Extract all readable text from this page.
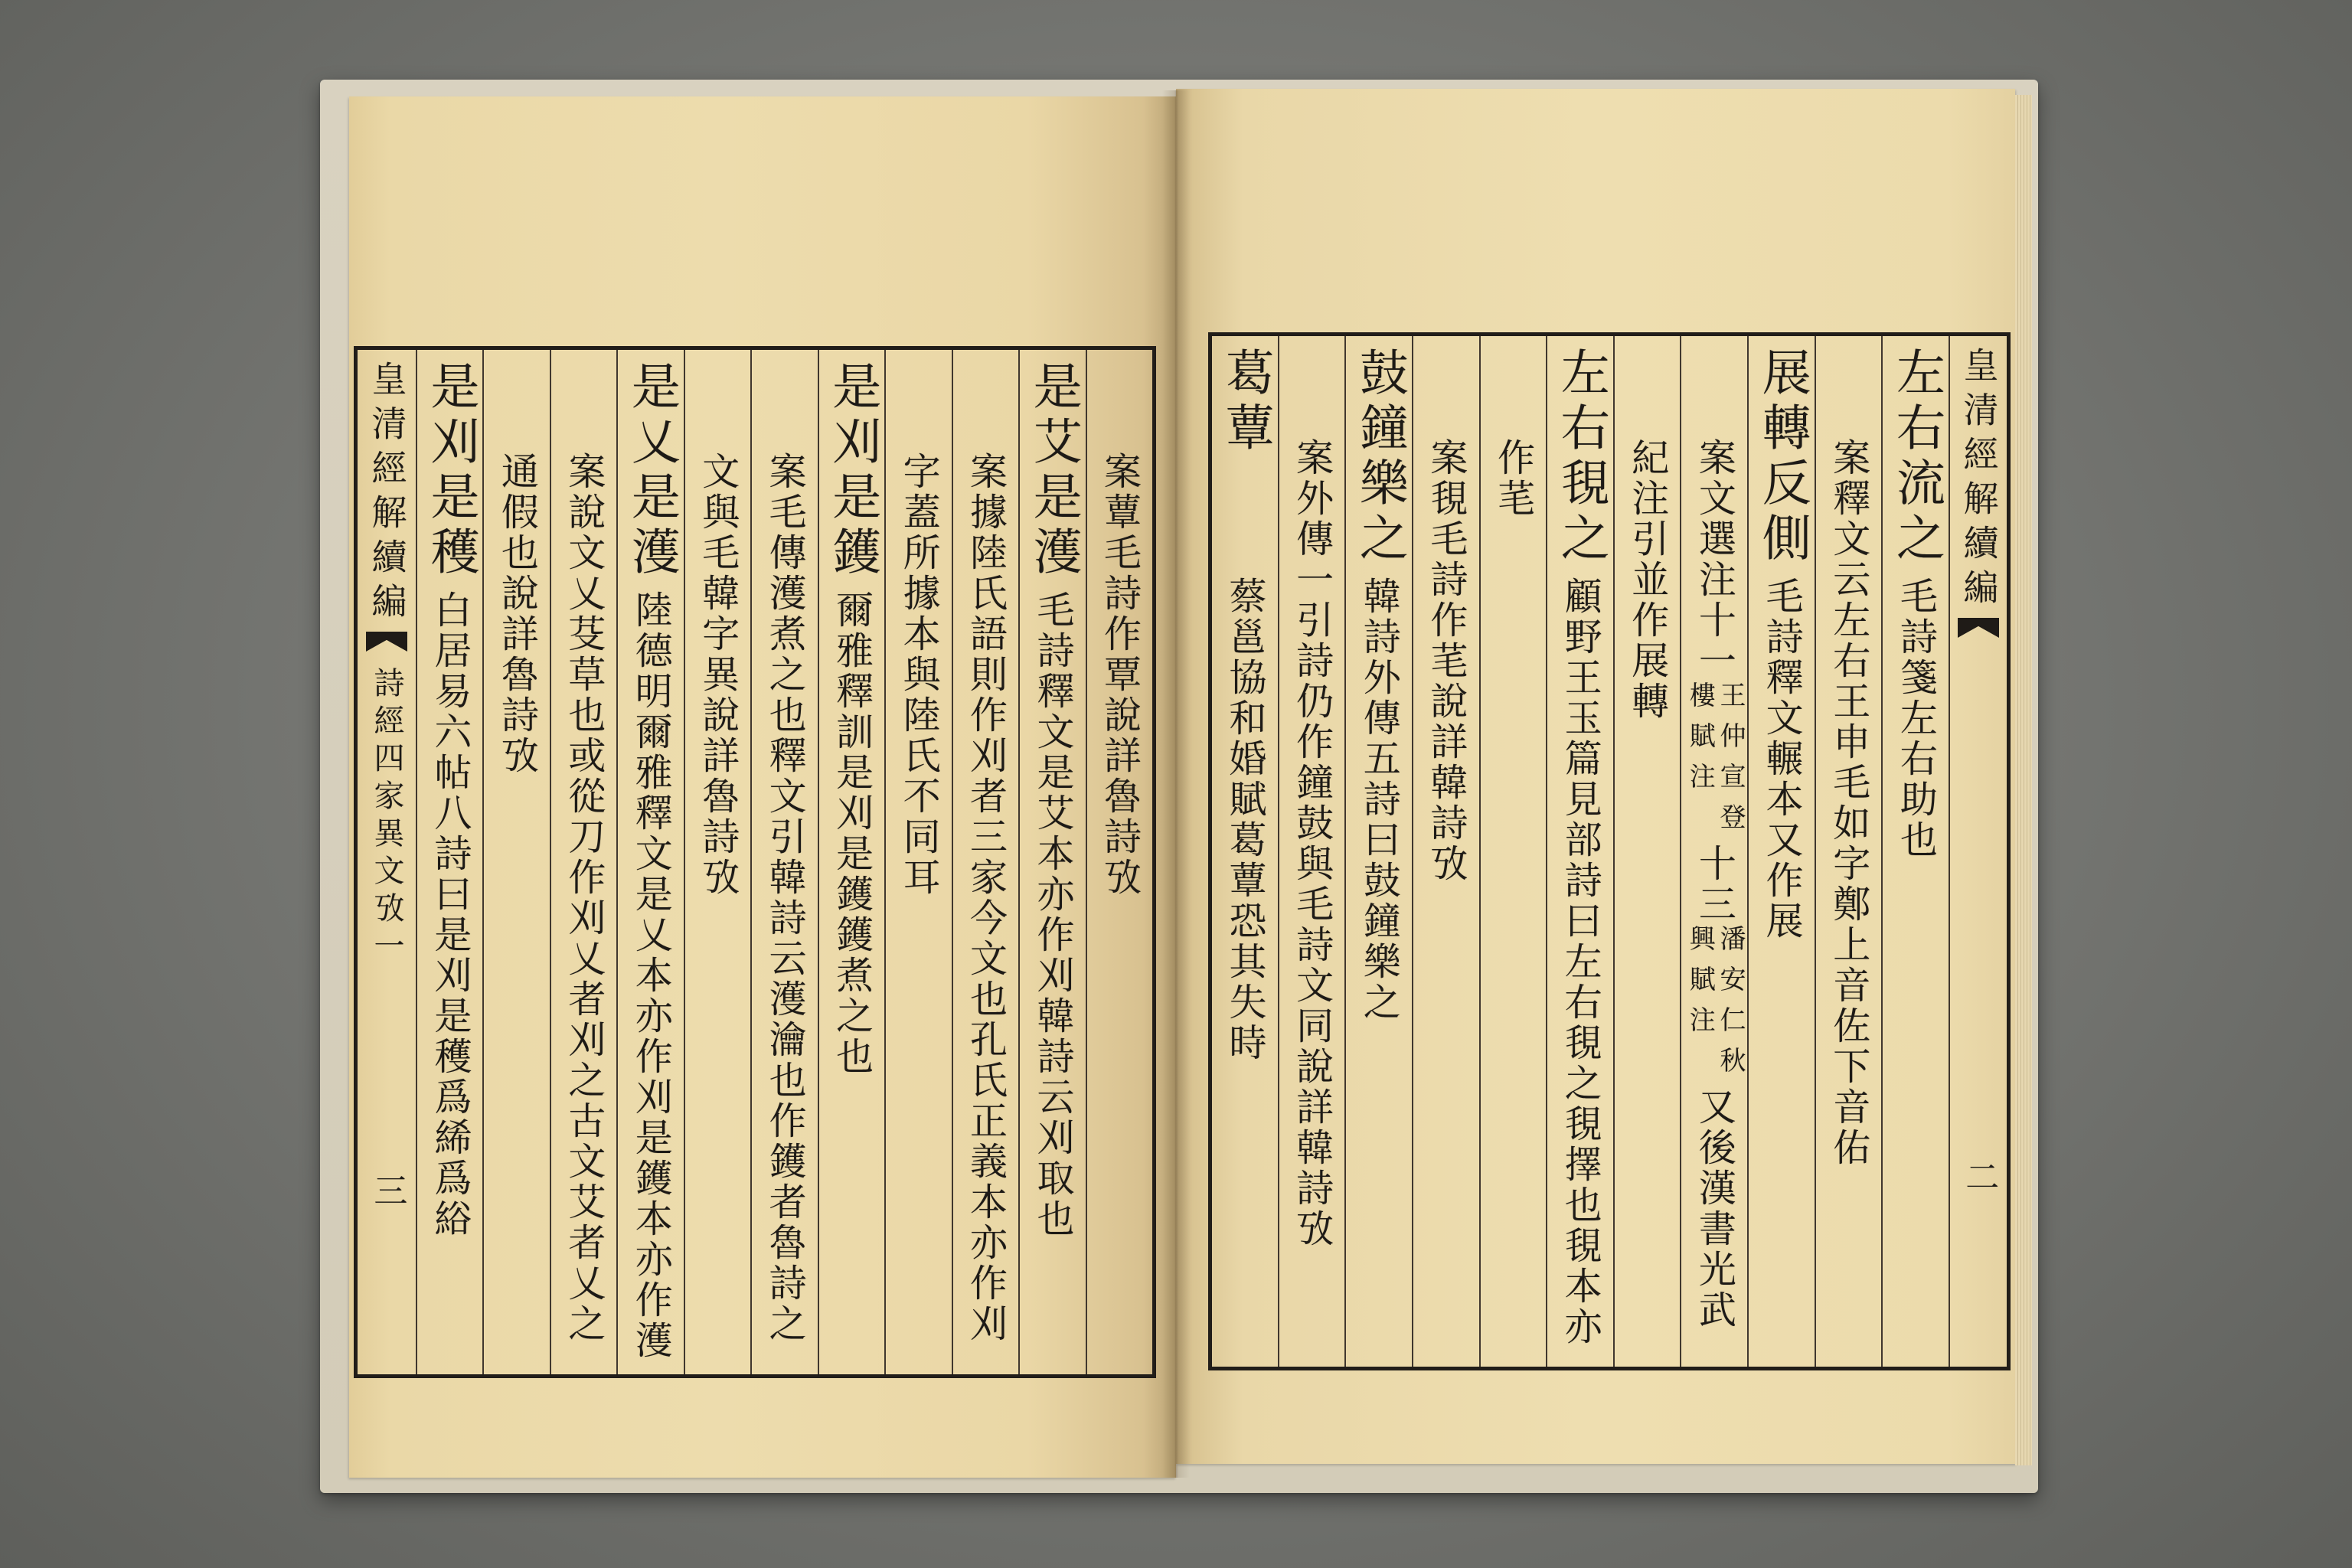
案蕈毛詩作覃說詳魯詩攷
是艾是濩
毛詩釋文是艾本亦作刈韓詩云刈取也
案據陸氏語則作刈者三家今文也孔氏正義本亦作刈
字蓋所據本與陸氏不同耳
是刈是鑊
爾雅釋訓是刈是鑊鑊煮之也
案毛傳濩煮之也釋文引韓詩云濩瀹也作鑊者魯詩之
文與毛韓字異說詳魯詩攷
是乂是濩
陸德明爾雅釋文是乂本亦作刈是鑊本亦作濩
案說文乂芟草也或從刀作刈乂者刈之古文艾者乂之
通假也說詳魯詩攷
是刈是穫
白居易六帖八詩曰是刈是穫爲絺爲綌
皇清經解續編
詩經四家異文攷一
三
皇清經解續編
二
左右流之
毛詩箋左右助也
案釋文云左右王申毛如字鄭上音佐下音佑
展轉反側
毛詩釋文輾本又作展
案文選注十一
王仲宣登
樓賦注
十三
潘安仁秋
興賦注
又後漢書光武
紀注引並作展轉
左右覒之
顧野王玉篇見部詩曰左右覒之覒擇也覒本亦
作芼
案覒毛詩作芼說詳韓詩攷
鼓鐘樂之
韓詩外傳五詩曰鼓鐘樂之
案外傳一引詩仍作鐘鼓與毛詩文同說詳韓詩攷
葛蕈
蔡邕協和婚賦葛蕈恐其失時
